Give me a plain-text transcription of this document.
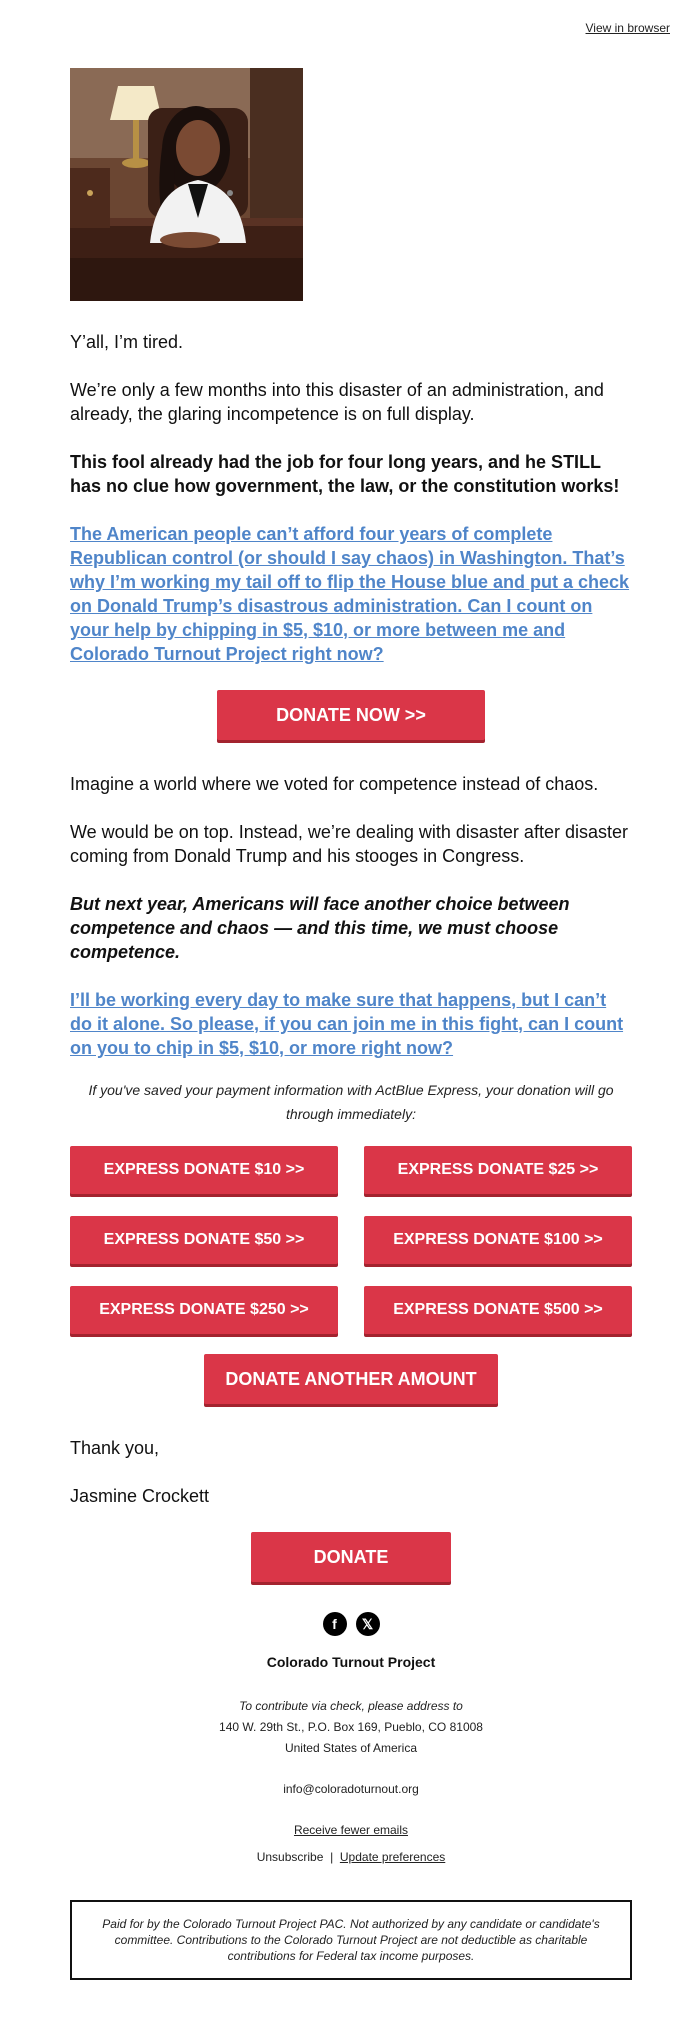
View in browser

Y’all, I’m tired.

We’re only a few months into this disaster of an administration, and already, the glaring incompetence is on full display.

This fool already had the job for four long years, and he STILL has no clue how government, the law, or the constitution works!

The American people can’t afford four years of complete Republican control (or should I say chaos) in Washington. That’s why I’m working my tail off to flip the House blue and put a check on Donald Trump’s disastrous administration. Can I count on your help by chipping in $5, $10, or more between me and Colorado Turnout Project right now?

DONATE NOW >>

Imagine a world where we voted for competence instead of chaos.

We would be on top. Instead, we’re dealing with disaster after disaster coming from Donald Trump and his stooges in Congress.

But next year, Americans will face another choice between competence and chaos — and this time, we must choose competence.

I’ll be working every day to make sure that happens, but I can’t do it alone. So please, if you can join me in this fight, can I count on you to chip in $5, $10, or more right now?

If you've saved your payment information with ActBlue Express, your donation will go through immediately:

EXPRESS DONATE $10 >>	EXPRESS DONATE $25 >>
EXPRESS DONATE $50 >>	EXPRESS DONATE $100 >>
EXPRESS DONATE $250 >>	EXPRESS DONATE $500 >>
DONATE ANOTHER AMOUNT

Thank you,

Jasmine Crockett

DONATE
f	𝕏
Colorado Turnout Project
To contribute via check, please address to
140 W. 29th St., P.O. Box 169, Pueblo, CO 81008
United States of America
info@coloradoturnout.org
Receive fewer emails
Unsubscribe | Update preferences
Paid for by the Colorado Turnout Project PAC. Not authorized by any candidate or candidate's committee. Contributions to the Colorado Turnout Project are not deductible as charitable contributions for Federal tax income purposes.
